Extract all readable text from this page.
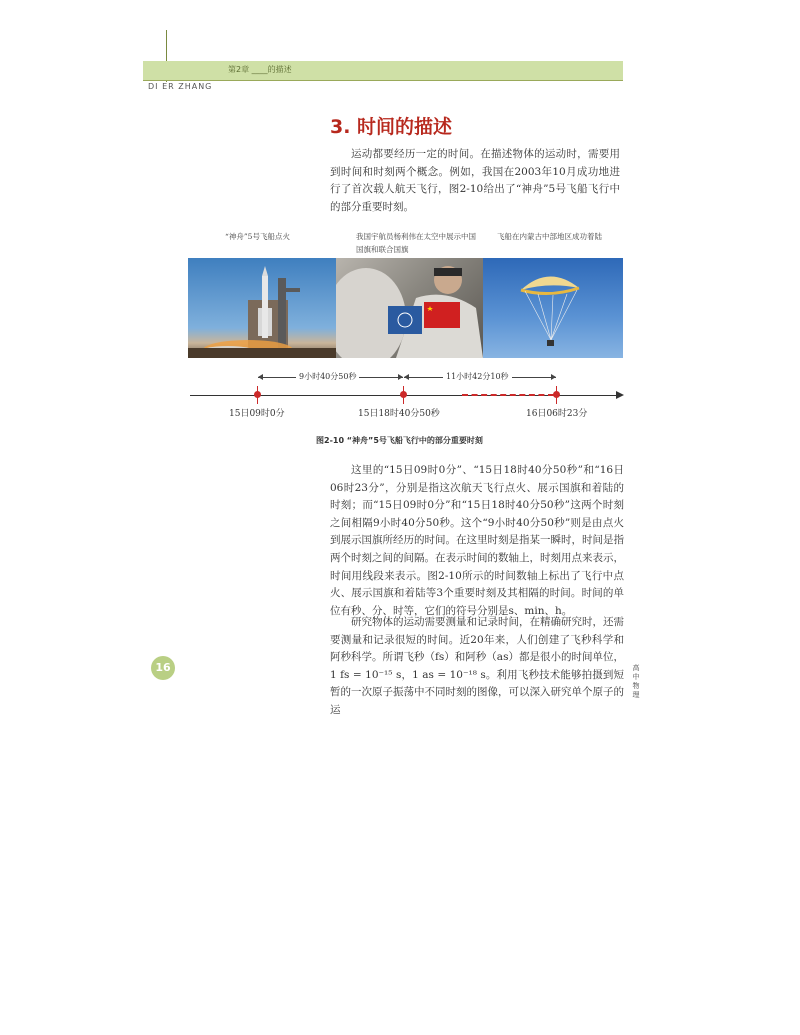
第2章 ____的描述
DI ER ZHANG
3. 时间的描述
运动都要经历一定的时间。在描述物体的运动时，需要用到时间和时刻两个概念。例如，我国在2003年10月成功地进行了首次载人航天飞行，图2-10给出了“神舟”5号飞船飞行中的部分重要时刻。
“神舟”5号飞船点火	我国宇航员杨利伟在太空中展示中国国旗和联合国旗
飞船在内蒙古中部地区成功着陆
9小时40分50秒	11小时42分10秒
15日09时0分	15日18时40分50秒	16日06时23分
图2-10 “神舟”5号飞船飞行中的部分重要时刻
这里的“15日09时0分”、“15日18时40分50秒”和“16日06时23分”，分别是指这次航天飞行点火、展示国旗和着陆的时刻；而“15日09时0分”和“15日18时40分50秒”这两个时刻之间相隔9小时40分50秒。这个“9小时40分50秒”则是由点火到展示国旗所经历的时间。在这里时刻是指某一瞬时，时间是指两个时刻之间的间隔。在表示时间的数轴上，时刻用点来表示，时间用线段来表示。图2-10所示的时间数轴上标出了飞行中点火、展示国旗和着陆等3个重要时刻及其相隔的时间。时间的单位有秒、分、时等，它们的符号分别是s、min、h。
研究物体的运动需要测量和记录时间，在精确研究时，还需要测量和记录很短的时间。近20年来，人们创建了飞秒科学和阿秒科学。所谓飞秒（fs）和阿秒（as）都是很小的时间单位，1 fs = 10⁻¹⁵ s，1 as = 10⁻¹⁸ s。利用飞秒技术能够拍摄到短暂的一次原子振荡中不同时刻的图像，可以深入研究单个原子的运
16	高中物理
